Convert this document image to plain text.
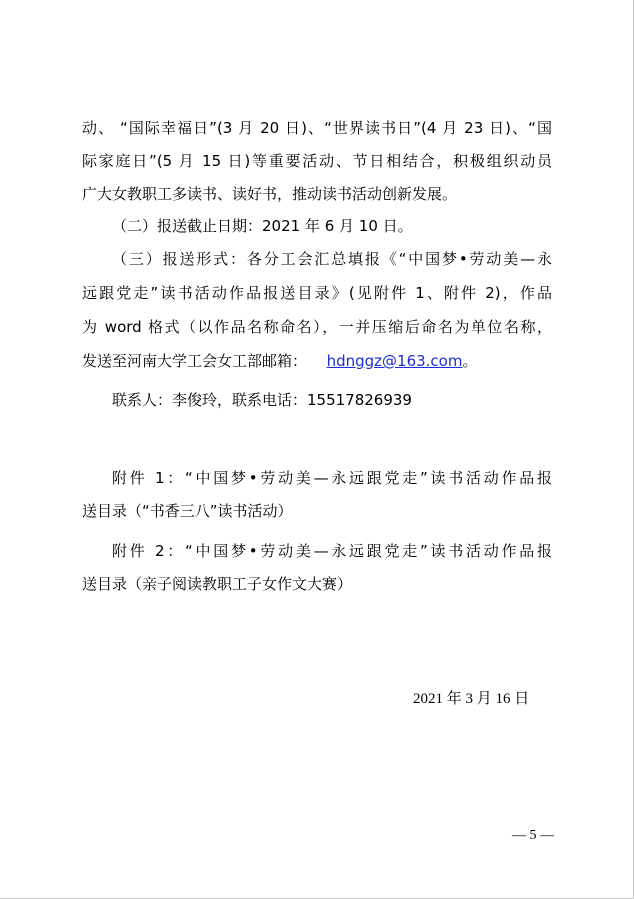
动、 “国际幸福日”(3 月 20 日)、“世界读书日”(4 月 23 日)、“国
际家庭日”(5 月 15 日)等重要活动、节日相结合，积极组织动员
广大女教职工多读书、读好书，推动读书活动创新发展。
（二）报送截止日期：2021 年 6 月 10 日。
（三）报送形式：各分工会汇总填报《“中国梦•劳动美—永
远跟党走”读书活动作品报送目录》(见附件 1、附件 2)，作品
为 word 格式（以作品名称命名），一并压缩后命名为单位名称，
发送至河南大学工会女工部邮箱： hdnggz@163.com。
联系人：李俊玲，联系电话：15517826939
附件 1：“中国梦•劳动美—永远跟党走”读书活动作品报
送目录（“书香三八”读书活动）
附件 2：“中国梦•劳动美—永远跟党走”读书活动作品报
送目录（亲子阅读教职工子女作文大赛）
2021 年 3 月 16 日
— 5 —
